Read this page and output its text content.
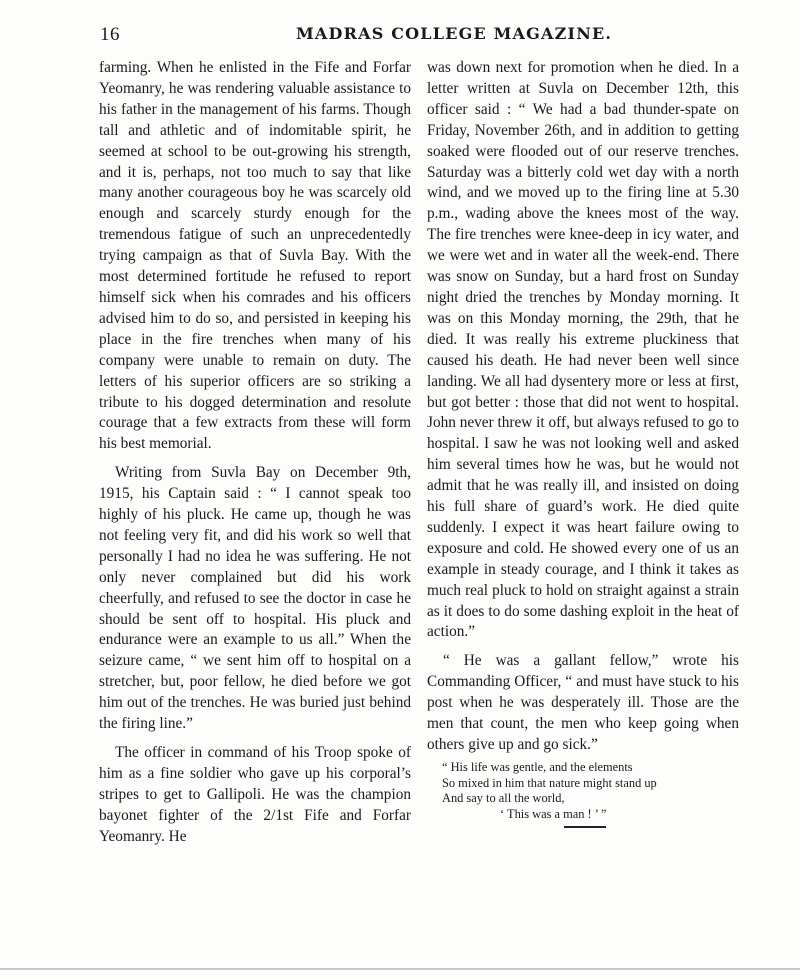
16	MADRAS COLLEGE MAGAZINE.

farming. When he enlisted in the Fife and Forfar Yeomanry, he was rendering valuable assistance to his father in the management of his farms. Though tall and athletic and of indomitable spirit, he seemed at school to be out-growing his strength, and it is, perhaps, not too much to say that like many another courageous boy he was scarcely old enough and scarcely sturdy enough for the tremendous fatigue of such an unprecedentedly trying campaign as that of Suvla Bay. With the most determined fortitude he refused to report himself sick when his comrades and his officers advised him to do so, and persisted in keeping his place in the fire trenches when many of his company were unable to remain on duty. The letters of his superior officers are so striking a tribute to his dogged determination and resolute courage that a few extracts from these will form his best memorial.

Writing from Suvla Bay on December 9th, 1915, his Captain said : “ I cannot speak too highly of his pluck. He came up, though he was not feeling very fit, and did his work so well that personally I had no idea he was suffering. He not only never complained but did his work cheerfully, and refused to see the doctor in case he should be sent off to hospital. His pluck and endurance were an example to us all.” When the seizure came, “ we sent him off to hospital on a stretcher, but, poor fellow, he died before we got him out of the trenches. He was buried just behind the firing line.”

The officer in command of his Troop spoke of him as a fine soldier who gave up his corporal’s stripes to get to Gallipoli. He was the champion bayonet fighter of the 2/1st Fife and Forfar Yeomanry. He

was down next for promotion when he died. In a letter written at Suvla on December 12th, this officer said : “ We had a bad thunder-spate on Friday, November 26th, and in addition to getting soaked were flooded out of our reserve trenches. Saturday was a bitterly cold wet day with a north wind, and we moved up to the firing line at 5.30 p.m., wading above the knees most of the way. The fire trenches were knee-deep in icy water, and we were wet and in water all the week-end. There was snow on Sunday, but a hard frost on Sunday night dried the trenches by Monday morning. It was on this Monday morning, the 29th, that he died. It was really his extreme pluckiness that caused his death. He had never been well since landing. We all had dysentery more or less at first, but got better : those that did not went to hospital. John never threw it off, but always refused to go to hospital. I saw he was not looking well and asked him several times how he was, but he would not admit that he was really ill, and insisted on doing his full share of guard’s work. He died quite suddenly. I expect it was heart failure owing to exposure and cold. He showed every one of us an example in steady courage, and I think it takes as much real pluck to hold on straight against a strain as it does to do some dashing exploit in the heat of action.”

“ He was a gallant fellow,” wrote his Commanding Officer, “ and must have stuck to his post when he was desperately ill. Those are the men that count, the men who keep going when others give up and go sick.”

“ His life was gentle, and the elements
So mixed in him that nature might stand up
And say to all the world,
‘ This was a man ! ’ ”
